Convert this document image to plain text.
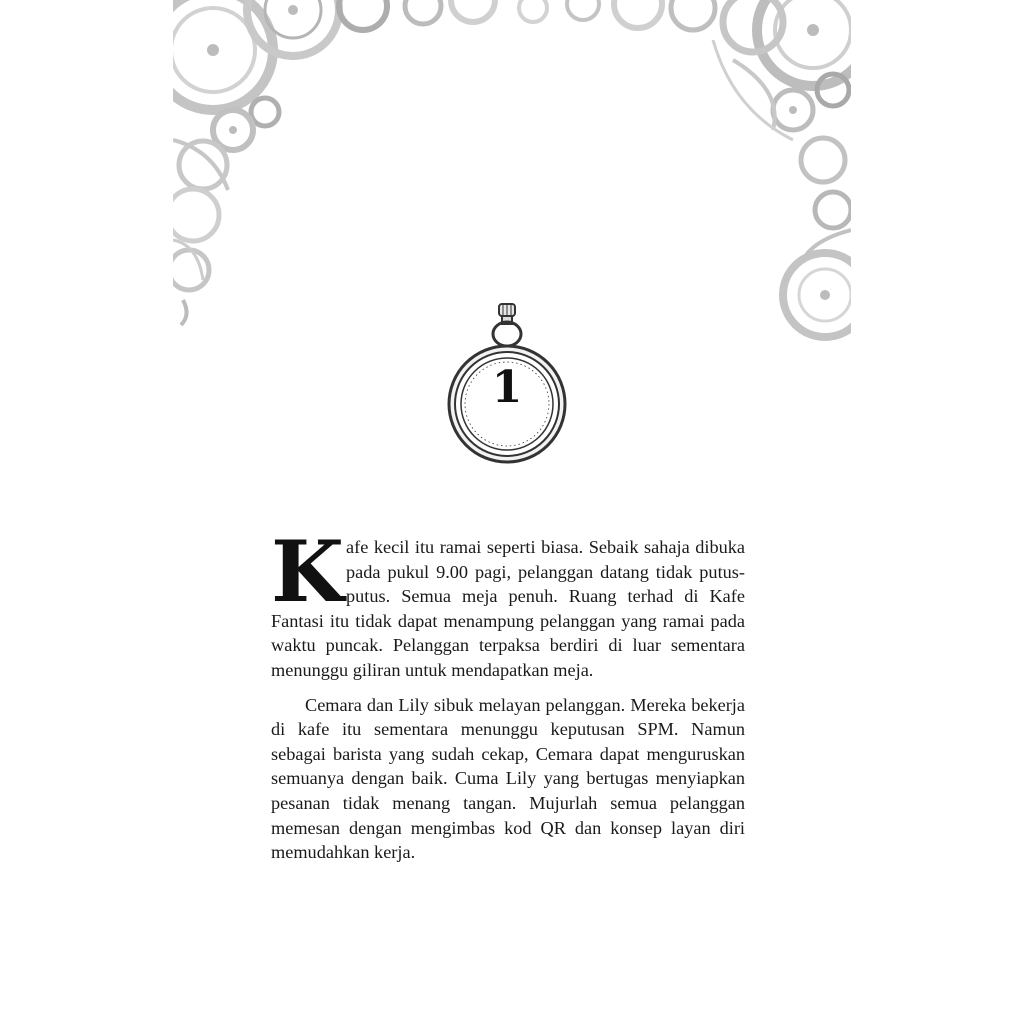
1

Kafe kecil itu ramai seperti biasa. Sebaik sahaja dibuka pada pukul 9.00 pagi, pelanggan datang tidak putus-putus. Semua meja penuh. Ruang terhad di Kafe Fantasi itu tidak dapat menampung pelanggan yang ramai pada waktu puncak. Pelanggan terpaksa berdiri di luar sementara menunggu giliran untuk mendapatkan meja.

Cemara dan Lily sibuk melayan pelanggan. Mereka bekerja di kafe itu sementara menunggu keputusan SPM. Namun sebagai barista yang sudah cekap, Cemara dapat menguruskan semuanya dengan baik. Cuma Lily yang bertugas menyiapkan pesanan tidak menang tangan. Mujurlah semua pelanggan memesan dengan mengimbas kod QR dan konsep layan diri memudahkan kerja.
